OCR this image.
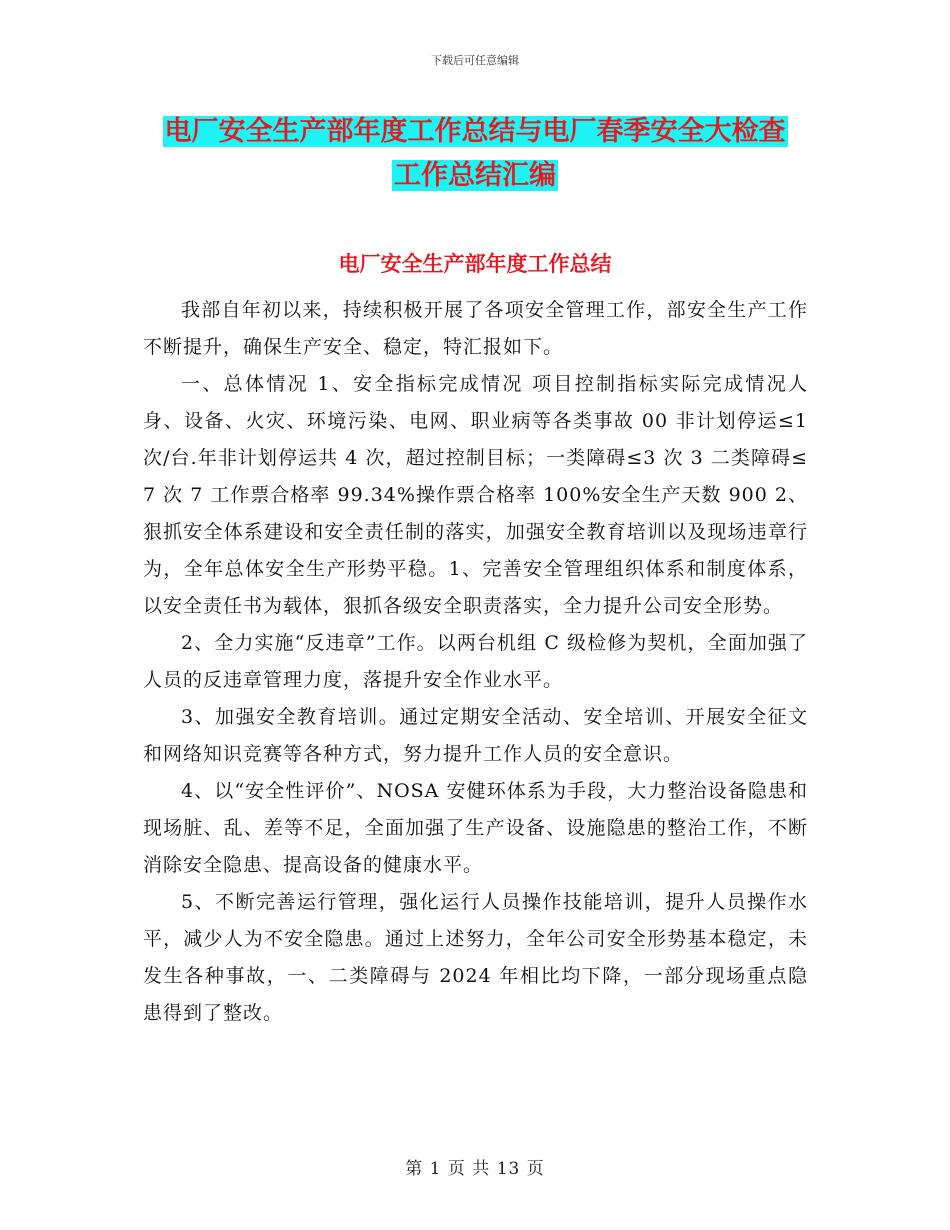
下载后可任意编辑
电厂安全生产部年度工作总结与电厂春季安全大检查
工作总结汇编
电厂安全生产部年度工作总结

我部自年初以来，持续积极开展了各项安全管理工作，部安全生产工作不断提升，确保生产安全、稳定，特汇报如下。

一、总体情况 1、安全指标完成情况 项目控制指标实际完成情况人身、设备、火灾、环境污染、电网、职业病等各类事故 00 非计划停运≤1 次/台.年非计划停运共 4 次，超过控制目标；一类障碍≤3 次 3 二类障碍≤7 次 7 工作票合格率 99.34%操作票合格率 100%安全生产天数 900 2、狠抓安全体系建设和安全责任制的落实，加强安全教育培训以及现场违章行为，全年总体安全生产形势平稳。1、完善安全管理组织体系和制度体系，以安全责任书为载体，狠抓各级安全职责落实，全力提升公司安全形势。

2、全力实施“反违章”工作。以两台机组 C 级检修为契机，全面加强了人员的反违章管理力度，落提升安全作业水平。

3、加强安全教育培训。通过定期安全活动、安全培训、开展安全征文和网络知识竞赛等各种方式，努力提升工作人员的安全意识。

4、以“安全性评价”、NOSA 安健环体系为手段，大力整治设备隐患和现场脏、乱、差等不足，全面加强了生产设备、设施隐患的整治工作，不断消除安全隐患、提高设备的健康水平。

5、不断完善运行管理，强化运行人员操作技能培训，提升人员操作水平，减少人为不安全隐患。通过上述努力，全年公司安全形势基本稳定，未发生各种事故，一、二类障碍与 2024 年相比均下降，一部分现场重点隐患得到了整改。

第 1 页 共 13 页
